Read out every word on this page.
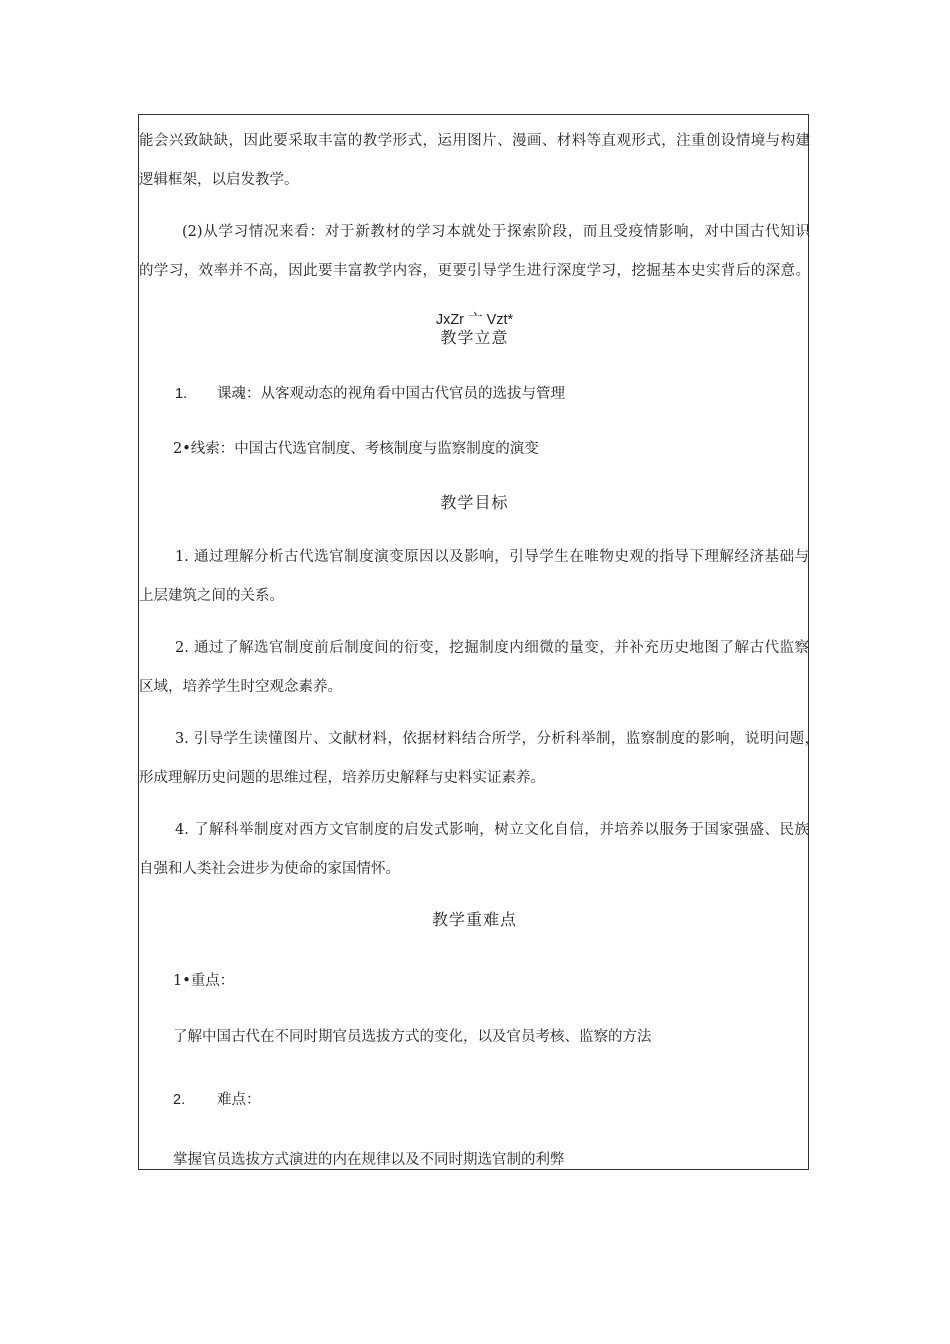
能会兴致缺缺，因此要采取丰富的教学形式，运用图片、漫画、材料等直观形式，注重创设情境与构建
逻辑框架，以启发教学。
(2)从学习情况来看：对于新教材的学习本就处于探索阶段，而且受疫情影响，对中国古代知识
的学习，效率并不高，因此要丰富教学内容，更要引导学生进行深度学习，挖掘基本史实背后的深意。
JxZr 亠 Vzt*
教学立意
1. 课魂：从客观动态的视角看中国古代官员的选拔与管理
2•线索：中国古代选官制度、考核制度与监察制度的演变
教学目标
1. 通过理解分析古代选官制度演变原因以及影响，引导学生在唯物史观的指导下理解经济基础与
上层建筑之间的关系。
2. 通过了解选官制度前后制度间的衍变，挖掘制度内细微的量变，并补充历史地图了解古代监察
区域，培养学生时空观念素养。
3. 引导学生读懂图片、文献材料，依据材料结合所学，分析科举制，监察制度的影响，说明问题，
形成理解历史问题的思维过程，培养历史解释与史料实证素养。
4. 了解科举制度对西方文官制度的启发式影响，树立文化自信，并培养以服务于国家强盛、民族
自强和人类社会进步为使命的家国情怀。
教学重难点
1•重点：
了解中国古代在不同时期官员选拔方式的变化，以及官员考核、监察的方法
2. 难点：
掌握官员选拔方式演进的内在规律以及不同时期选官制的利弊
